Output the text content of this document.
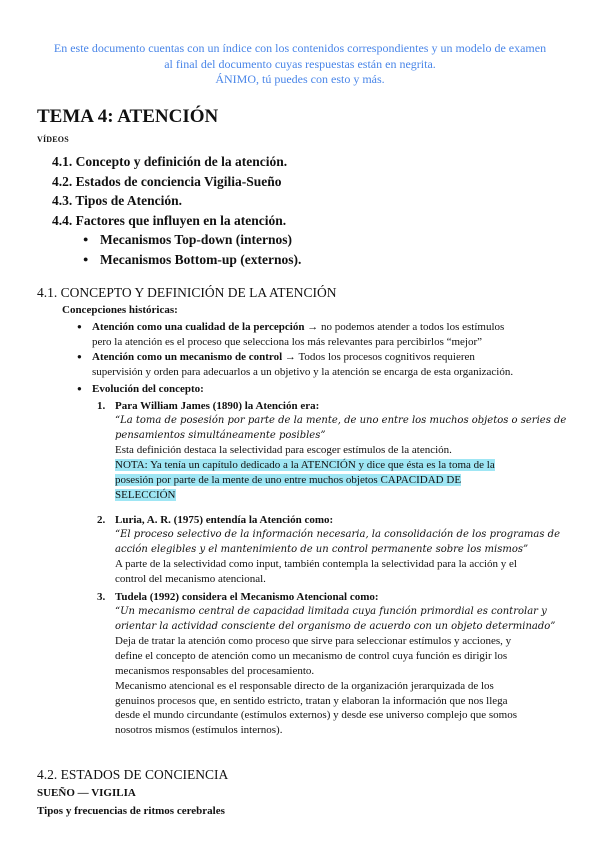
En este documento cuentas con un índice con los contenidos correspondientes y un modelo de examen
al final del documento cuyas respuestas están en negrita.
ÁNIMO, tú puedes con esto y más.
TEMA 4: ATENCIÓN
VÍDEOS
4.1. Concepto y definición de la atención.
4.2. Estados de conciencia Vigilia-Sueño
4.3. Tipos de Atención.
4.4. Factores que influyen en la atención.
● Mecanismos Top-down (internos)
● Mecanismos Bottom-up (externos).
4.1. CONCEPTO Y DEFINICIÓN DE LA ATENCIÓN
Concepciones históricas:
● Atención como una cualidad de la percepción → no podemos atender a todos los estímulos
pero la atención es el proceso que selecciona los más relevantes para percibirlos “mejor”
● Atención como un mecanismo de control → Todos los procesos cognitivos requieren
supervisión y orden para adecuarlos a un objetivo y la atención se encarga de esta organización.
● Evolución del concepto:
1. Para William James (1890) la Atención era:
“La toma de posesión por parte de la mente, de uno entre los muchos objetos o series de
pensamientos simultáneamente posibles”
Esta definición destaca la selectividad para escoger estímulos de la atención.
NOTA: Ya tenía un capítulo dedicado a la ATENCIÓN y dice que ésta es la toma de la
posesión por parte de la mente de uno entre muchos objetos CAPACIDAD DE
SELECCIÓN
2. Luria, A. R. (1975) entendía la Atención como:
“El proceso selectivo de la información necesaria, la consolidación de los programas de
acción elegibles y el mantenimiento de un control permanente sobre los mismos”
A parte de la selectividad como input, también contempla la selectividad para la acción y el
control del mecanismo atencional.
3. Tudela (1992) considera el Mecanismo Atencional como:
“Un mecanismo central de capacidad limitada cuya función primordial es controlar y
orientar la actividad consciente del organismo de acuerdo con un objeto determinado”
Deja de tratar la atención como proceso que sirve para seleccionar estímulos y acciones, y
define el concepto de atención como un mecanismo de control cuya función es dirigir los
mecanismos responsables del procesamiento.
Mecanismo atencional es el responsable directo de la organización jerarquizada de los
genuinos procesos que, en sentido estricto, tratan y elaboran la información que nos llega
desde el mundo circundante (estímulos externos) y desde ese universo complejo que somos
nosotros mismos (estímulos internos).
4.2. ESTADOS DE CONCIENCIA
SUEÑO — VIGILIA
Tipos y frecuencias de ritmos cerebrales
